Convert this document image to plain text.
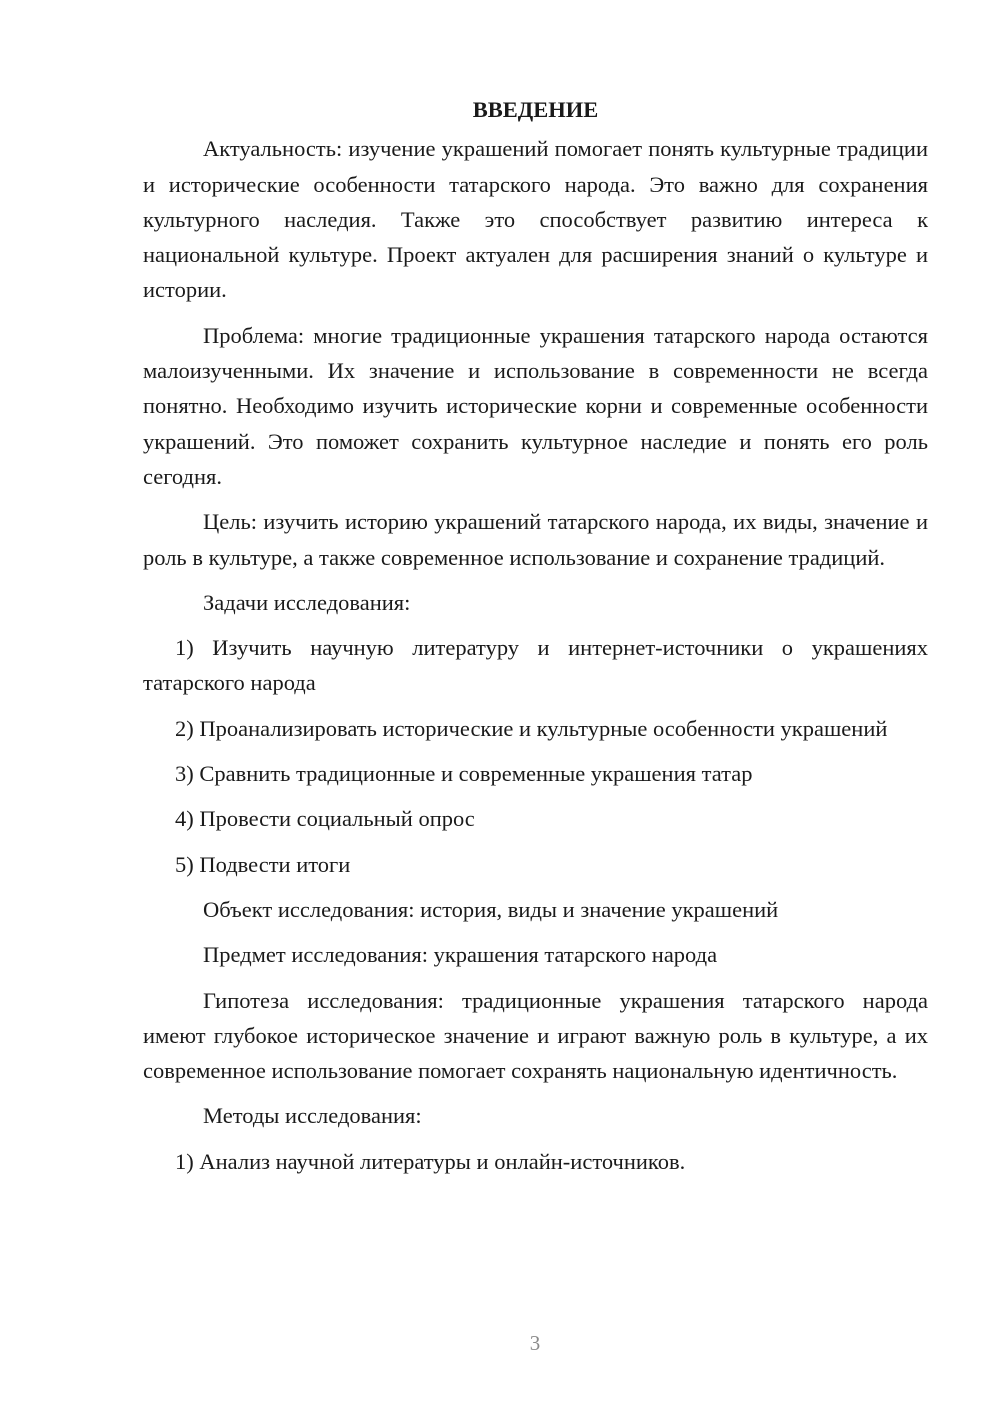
ВВЕДЕНИЕ

Актуальность: изучение украшений помогает понять культурные традиции и исторические особенности татарского народа. Это важно для сохранения культурного наследия. Также это способствует развитию интереса к национальной культуре. Проект актуален для расширения знаний о культуре и истории.

Проблема: многие традиционные украшения татарского народа остаются малоизученными. Их значение и использование в современности не всегда понятно. Необходимо изучить исторические корни и современные особенности украшений. Это поможет сохранить культурное наследие и понять его роль сегодня.

Цель: изучить историю украшений татарского народа, их виды, значение и роль в культуре, а также современное использование и сохранение традиций.

Задачи исследования:

1) Изучить научную литературу и интернет-источники о украшениях татарского народа

2) Проанализировать исторические и культурные особенности украшений

3) Сравнить традиционные и современные украшения татар

4) Провести социальный опрос

5) Подвести итоги

Объект исследования: история, виды и значение украшений

Предмет исследования: украшения татарского народа

Гипотеза исследования: традиционные украшения татарского народа имеют глубокое историческое значение и играют важную роль в культуре, а их современное использование помогает сохранять национальную идентичность.

Методы исследования:

1) Анализ научной литературы и онлайн-источников.

3
